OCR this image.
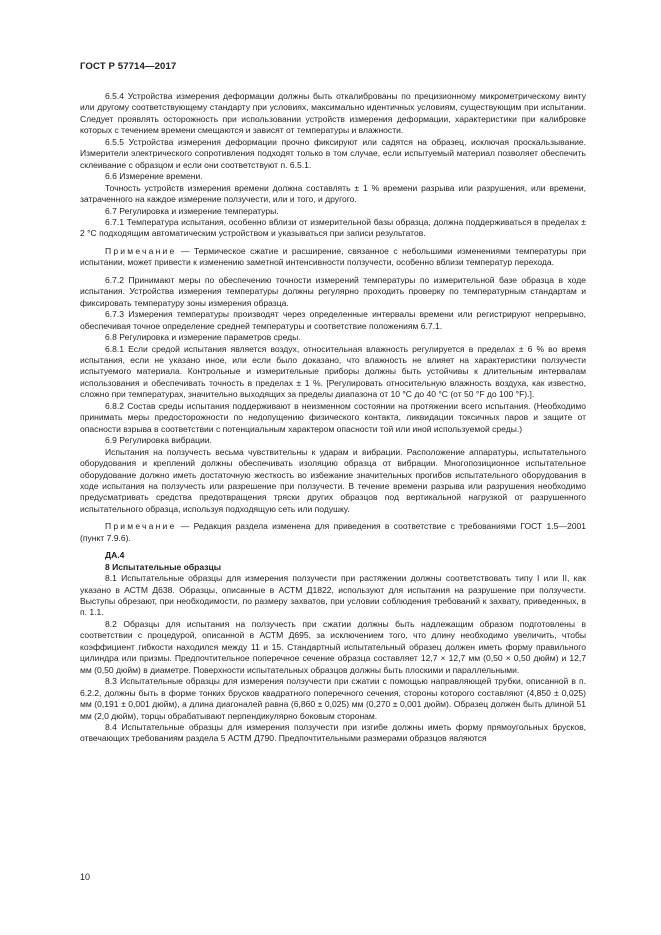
ГОСТ Р 57714—2017

6.5.4 Устройства измерения деформации должны быть откалиброваны по прецизионному микрометрическому винту или другому соответствующему стандарту при условиях, максимально идентичных условиям, существующим при испытании. Следует проявлять осторожность при использовании устройств измерения деформации, характеристики при калибровке которых с течением времени смещаются и зависят от температуры и влажности.

6.5.5 Устройства измерения деформации прочно фиксируют или садятся на образец, исключая проскальзывание. Измерители электрического сопротивления подходят только в том случае, если испытуемый материал позволяет обеспечить склеивание с образцом и если они соответствуют п. 6.5.1.

6.6 Измерение времени.

Точность устройств измерения времени должна составлять ± 1 % времени разрыва или разрушения, или времени, затраченного на каждое измерение ползучести, или и того, и другого.

6.7 Регулировка и измерение температуры.

6.7.1 Температура испытания, особенно вблизи от измерительной базы образца, должна поддерживаться в пределах ± 2 °С подходящим автоматическим устройством и указываться при записи результатов.

Примечание — Термическое сжатие и расширение, связанное с небольшими изменениями температуры при испытании, может привести к изменению заметной интенсивности ползучести, особенно вблизи температур перехода.

6.7.2 Принимают меры по обеспечению точности измерений температуры по измерительной базе образца в ходе испытания. Устройства измерения температуры должны регулярно проходить проверку по температурным стандартам и фиксировать температуру зоны измерения образца.

6.7.3 Измерения температуры производят через определенные интервалы времени или регистрируют непрерывно, обеспечивая точное определение средней температуры и соответствие положениям 6.7.1.

6.8 Регулировка и измерение параметров среды.

6.8.1 Если средой испытания является воздух, относительная влажность регулируется в пределах ± 6 % во время испытания, если не указано иное, или если было доказано, что влажность не влияет на характеристики ползучести испытуемого материала. Контрольные и измерительные приборы должны быть устойчивы к длительным интервалам использования и обеспечивать точность в пределах ± 1 %. [Регулировать относительную влажность воздуха, как известно, сложно при температурах, значительно выходящих за пределы диапазона от 10 °С до 40 °С (от 50 °F до 100 °F).].

6.8.2 Состав среды испытания поддерживают в неизменном состоянии на протяжении всего испытания. (Необходимо принимать меры предосторожности по недопущению физического контакта, ликвидации токсичных паров и защите от опасности взрыва в соответствии с потенциальным характером опасности той или иной используемой среды.)

6.9 Регулировка вибрации.

Испытания на ползучесть весьма чувствительны к ударам и вибрации. Расположение аппаратуры, испытательного оборудования и креплений должны обеспечивать изоляцию образца от вибрации. Многопозиционное испытательное оборудование должно иметь достаточную жесткость во избежание значительных прогибов испытательного оборудования в ходе испытания на ползучесть или разрешение при ползучести. В течение времени разрыва или разрушения необходимо предусматривать средства предотвращения тряски других образцов под вертикальной нагрузкой от разрушенного испытательного образца, используя подходящую сеть или подушку.

Примечание — Редакция раздела изменена для приведения в соответствие с требованиями ГОСТ 1.5—2001 (пункт 7.9.6).

ДА.4

8 Испытательные образцы

8.1 Испытательные образцы для измерения ползучести при растяжении должны соответствовать типу I или II, как указано в АСТМ Д638. Образцы, описанные в АСТМ Д1822, используют для испытания на разрушение при ползучести. Выступы обрезают, при необходимости, по размеру захватов, при условии соблюдения требований к захвату, приведенных, в п. 1.1.

8.2 Образцы для испытания на ползучесть при сжатии должны быть надлежащим образом подготовлены в соответствии с процедурой, описанной в АСТМ Д695, за исключением того, что длину необходимо увеличить, чтобы коэффициент гибкости находился между 11 и 15. Стандартный испытательный образец должен иметь форму правильного цилиндра или призмы. Предпочтительное поперечное сечение образца составляет 12,7 × 12,7 мм (0,50 × 0,50 дюйм) и 12,7 мм (0,50 дюйм) в диаметре. Поверхности испытательных образцов должны быть плоскими и параллельными.

8.3 Испытательные образцы для измерения ползучести при сжатии с помощью направляющей трубки, описанной в п. 6.2.2, должны быть в форме тонких брусков квадратного поперечного сечения, стороны которого составляют (4,850 ± 0,025) мм (0,191 ± 0,001 дюйм), а длина диагоналей равна (6,860 ± 0,025) мм (0,270 ± 0,001 дюйм). Образец должен быть длиной 51 мм (2,0 дюйм), торцы обрабатывают перпендикулярно боковым сторонам.

8.4 Испытательные образцы для измерения ползучести при изгибе должны иметь форму прямоугольных брусков, отвечающих требованиям раздела 5 АСТМ Д790. Предпочтительными размерами образцов являются

10
